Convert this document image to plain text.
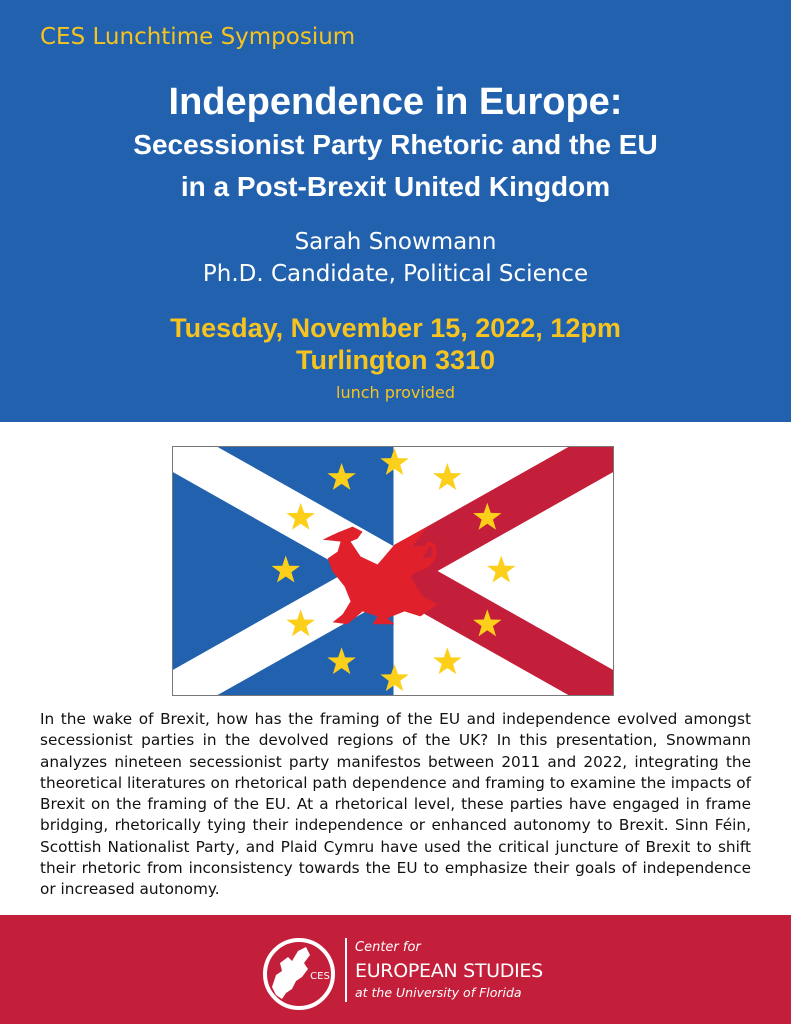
CES Lunchtime Symposium
Independence in Europe:
Secessionist Party Rhetoric and the EU
in a Post-Brexit United Kingdom
Sarah Snowmann
Ph.D. Candidate, Political Science
Tuesday, November 15, 2022, 12pm
Turlington 3310
lunch provided
In the wake of Brexit, how has the framing of the EU and independence evolved amongst secessionist parties in the devolved regions of the UK? In this presentation, Snowmann analyzes nineteen secessionist party manifestos between 2011 and 2022, integrating the theoretical literatures on rhetorical path dependence and framing to examine the impacts of Brexit on the framing of the EU. At a rhetorical level, these parties have engaged in frame bridging, rhetorically tying their independence or enhanced autonomy to Brexit. Sinn Féin, Scottish Nationalist Party, and Plaid Cymru have used the critical juncture of Brexit to shift their rhetoric from inconsistency towards the EU to emphasize their goals of independence or increased autonomy.
CES
Center for
EUROPEAN STUDIES
at the University of Florida
